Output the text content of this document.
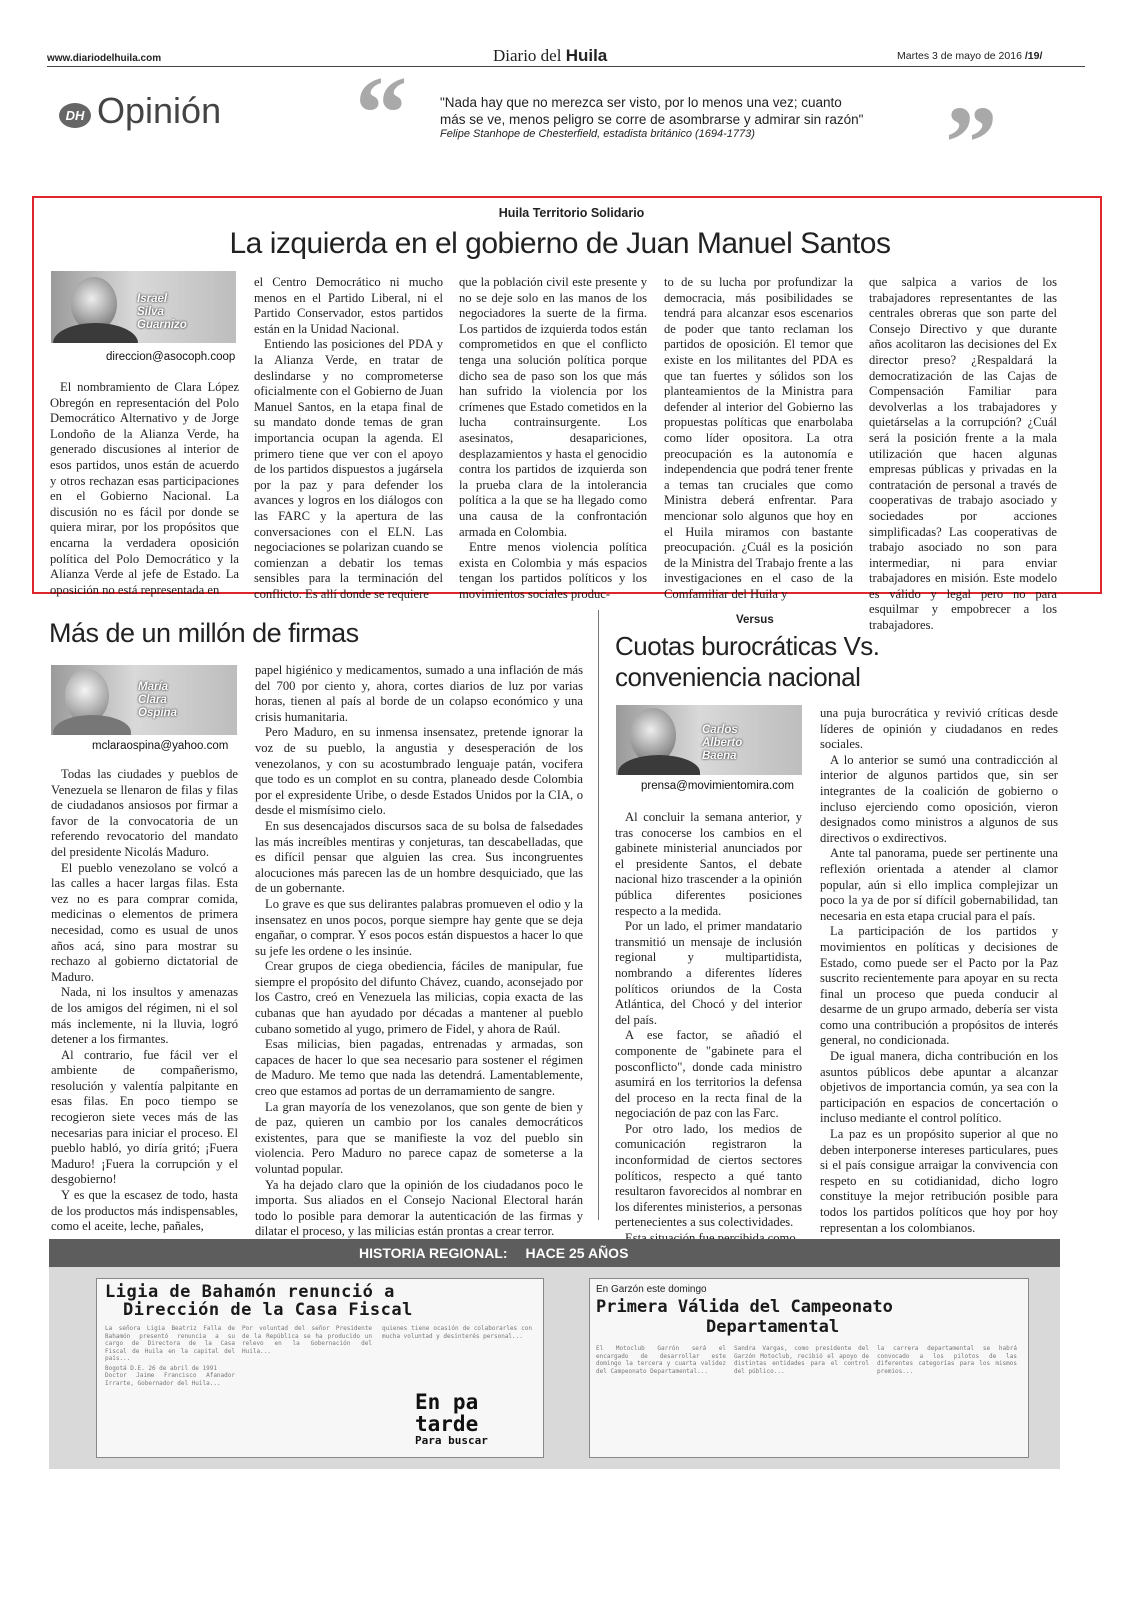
www.diariodelhuila.com	Diario del Huila	Martes 3 de mayo de 2016 /19/
DH Opinión “ "Nada hay que no merezca ser visto, por lo menos una vez; cuanto
más se ve, menos peligro se corre de asombrarse y admirar sin razón"
Felipe Stanhope de Chesterfield, estadista británico (1694-1773)	”
Huila Territorio Solidario
La izquierda en el gobierno de Juan Manuel Santos
Israel
Silva
Guarnizo
direccion@asocoph.coop

El nombramiento de Clara López Obregón en representación del Polo Democrático Alternativo y de Jorge Londoño de la Alianza Verde, ha generado discusiones al interior de esos partidos, unos están de acuerdo y otros rechazan esas participaciones en el Gobierno Nacional. La discusión no es fácil por donde se quiera mirar, por los propósitos que encarna la verdadera oposición política del Polo Democrático y la Alianza Verde al jefe de Estado. La oposición no está representada en

el Centro Democrático ni mucho menos en el Partido Liberal, ni el Partido Conservador, estos partidos están en la Unidad Nacional.

Entiendo las posiciones del PDA y la Alianza Verde, en tratar de deslindarse y no comprometerse oficialmente con el Gobierno de Juan Manuel Santos, en la etapa final de su mandato donde temas de gran importancia ocupan la agenda. El primero tiene que ver con el apoyo de los partidos dispuestos a jugársela por la paz y para defender los avances y logros en los diálogos con las FARC y la apertura de las conversaciones con el ELN. Las negociaciones se polarizan cuando se comienzan a debatir los temas sensibles para la terminación del conflicto. Es allí donde se requiere

que la población civil este presente y no se deje solo en las manos de los negociadores la suerte de la firma. Los partidos de izquierda todos están comprometidos en que el conflicto tenga una solución política porque dicho sea de paso son los que más han sufrido la violencia por los crímenes que Estado cometidos en la lucha contrainsurgente. Los asesinatos, desapariciones, desplazamientos y hasta el genocidio contra los partidos de izquierda son la prueba clara de la intolerancia política a la que se ha llegado como una causa de la confrontación armada en Colombia.

Entre menos violencia política exista en Colombia y más espacios tengan los partidos políticos y los movimientos sociales produc-

to de su lucha por profundizar la democracia, más posibilidades se tendrá para alcanzar esos escenarios de poder que tanto reclaman los partidos de oposición. El temor que existe en los militantes del PDA es que tan fuertes y sólidos son los planteamientos de la Ministra para defender al interior del Gobierno las propuestas políticas que enarbolaba como líder opositora. La otra preocupación es la autonomía e independencia que podrá tener frente a temas tan cruciales que como Ministra deberá enfrentar. Para mencionar solo algunos que hoy en el Huila miramos con bastante preocupación. ¿Cuál es la posición de la Ministra del Trabajo frente a las investigaciones en el caso de la Comfamiliar del Huila y

que salpica a varios de los trabajadores representantes de las centrales obreras que son parte del Consejo Directivo y que durante años acolitaron las decisiones del Ex director preso? ¿Respaldará la democratización de las Cajas de Compensación Familiar para devolverlas a los trabajadores y quietárselas a la corrupción? ¿Cuál será la posición frente a la mala utilización que hacen algunas empresas públicas y privadas en la contratación de personal a través de cooperativas de trabajo asociado y sociedades por acciones simplificadas? Las cooperativas de trabajo asociado no son para intermediar, ni para enviar trabajadores en misión. Este modelo es válido y legal pero no para esquilmar y empobrecer a los trabajadores.

Más de un millón de firmas
María
Clara
Ospina
mclaraospina@yahoo.com

Todas las ciudades y pueblos de Venezuela se llenaron de filas y filas de ciudadanos ansiosos por firmar a favor de la convocatoria de un referendo revocatorio del mandato del presidente Nicolás Maduro.

El pueblo venezolano se volcó a las calles a hacer largas filas. Esta vez no es para comprar comida, medicinas o elementos de primera necesidad, como es usual de unos años acá, sino para mostrar su rechazo al gobierno dictatorial de Maduro.

Nada, ni los insultos y amenazas de los amigos del régimen, ni el sol más inclemente, ni la lluvia, logró detener a los firmantes.

Al contrario, fue fácil ver el ambiente de compañerismo, resolución y valentía palpitante en esas filas. En poco tiempo se recogieron siete veces más de las necesarias para iniciar el proceso. El pueblo habló, yo diría gritó; ¡Fuera Maduro! ¡Fuera la corrupción y el desgobierno!

Y es que la escasez de todo, hasta de los productos más indispensables, como el aceite, leche, pañales,

papel higiénico y medicamentos, sumado a una inflación de más del 700 por ciento y, ahora, cortes diarios de luz por varias horas, tienen al país al borde de un colapso económico y una crisis humanitaria.

Pero Maduro, en su inmensa insensatez, pretende ignorar la voz de su pueblo, la angustia y desesperación de los venezolanos, y con su acostumbrado lenguaje patán, vocifera que todo es un complot en su contra, planeado desde Colombia por el expresidente Uribe, o desde Estados Unidos por la CIA, o desde el mismísimo cielo.

En sus desencajados discursos saca de su bolsa de falsedades las más increíbles mentiras y conjeturas, tan descabelladas, que es difícil pensar que alguien las crea. Sus incongruentes alocuciones más parecen las de un hombre desquiciado, que las de un gobernante.

Lo grave es que sus delirantes palabras promueven el odio y la insensatez en unos pocos, porque siempre hay gente que se deja engañar, o comprar. Y esos pocos están dispuestos a hacer lo que su jefe les ordene o les insinúe.

Crear grupos de ciega obediencia, fáciles de manipular, fue siempre el propósito del difunto Chávez, cuando, aconsejado por los Castro, creó en Venezuela las milicias, copia exacta de las cubanas que han ayudado por décadas a mantener al pueblo cubano sometido al yugo, primero de Fidel, y ahora de Raúl.

Esas milicias, bien pagadas, entrenadas y armadas, son capaces de hacer lo que sea necesario para sostener el régimen de Maduro. Me temo que nada las detendrá. Lamentablemente, creo que estamos ad portas de un derramamiento de sangre.

La gran mayoría de los venezolanos, que son gente de bien y de paz, quieren un cambio por los canales democráticos existentes, para que se manifieste la voz del pueblo sin violencia. Pero Maduro no parece capaz de someterse a la voluntad popular.

Ya ha dejado claro que la opinión de los ciudadanos poco le importa. Sus aliados en el Consejo Nacional Electoral harán todo lo posible para demorar la autenticación de las firmas y dilatar el proceso, y las milicias están prontas a crear terror.

Versus
Cuotas burocráticas Vs.
conveniencia nacional
Carlos
Alberto
Baena
prensa@movimientomira.com

Al concluir la semana anterior, y tras conocerse los cambios en el gabinete ministerial anunciados por el presidente Santos, el debate nacional hizo trascender a la opinión pública diferentes posiciones respecto a la medida.

Por un lado, el primer mandatario transmitió un mensaje de inclusión regional y multipartidista, nombrando a diferentes líderes políticos oriundos de la Costa Atlántica, del Chocó y del interior del país.

A ese factor, se añadió el componente de "gabinete para el posconflicto", donde cada ministro asumirá en los territorios la defensa del proceso en la recta final de la negociación de paz con las Farc.

Por otro lado, los medios de comunicación registraron la inconformidad de ciertos sectores políticos, respecto a qué tanto resultaron favorecidos al nombrar en los diferentes ministerios, a personas pertenecientes a sus colectividades.

una puja burocrática y revivió críticas desde líderes de opinión y ciudadanos en redes sociales.

A lo anterior se sumó una contradicción al interior de algunos partidos que, sin ser integrantes de la coalición de gobierno o incluso ejerciendo como oposición, vieron designados como ministros a algunos de sus directivos o exdirectivos.

Ante tal panorama, puede ser pertinente una reflexión orientada a atender al clamor popular, aún si ello implica complejizar un poco la ya de por sí difícil gobernabilidad, tan necesaria en esta etapa crucial para el país.

La participación de los partidos y movimientos en políticas y decisiones de Estado, como puede ser el Pacto por la Paz suscrito recientemente para apoyar en su recta final un proceso que pueda conducir al desarme de un grupo armado, debería ser vista como una contribución a propósitos de interés general, no condicionada.

De igual manera, dicha contribución en los asuntos públicos debe apuntar a alcanzar objetivos de importancia común, ya sea con la participación en espacios de concertación o incluso mediante el control político.

La paz es un propósito superior al que no deben interponerse intereses particulares, pues si el país consigue arraigar la convivencia con respeto en su cotidianidad, dicho logro constituye la mejor retribución posible para todos los partidos políticos que hoy por hoy representan a los colombianos.

HISTORIA REGIONAL: HACE 25 AÑOS
Ligia de Bahamón renunció a
Dirección de la Casa Fiscal
La señora Ligia Beatriz Falla de Bahamón presentó renuncia a su cargo de Directora de la Casa Fiscal de Huila en la capital del país...
Bogotá D.E. 26 de abril de 1991
Doctor Jaime Francisco Afanador Irrarte, Gobernador del Huila...
Por voluntad del señor Presidente de la República se ha producido un relevo en la Gobernación del Huila...
quienes tiene ocasión de colaborarles con mucha voluntad y desinterés personal...
En pa
tarde
Para buscar
En Garzón este domingo
Primera Válida del Campeonato
Departamental
El Motoclub Garrón será el encargado de desarrollar este domingo la tercera y cuarta validez del Campeonato Departamental...
Sandra Vargas, como presidente del Garzón Motoclub, recibió el apoyo de distintas entidades para el control del público...
la carrera departamental se habrá convocado a los pilotos de las diferentes categorías para los mismos premios...
